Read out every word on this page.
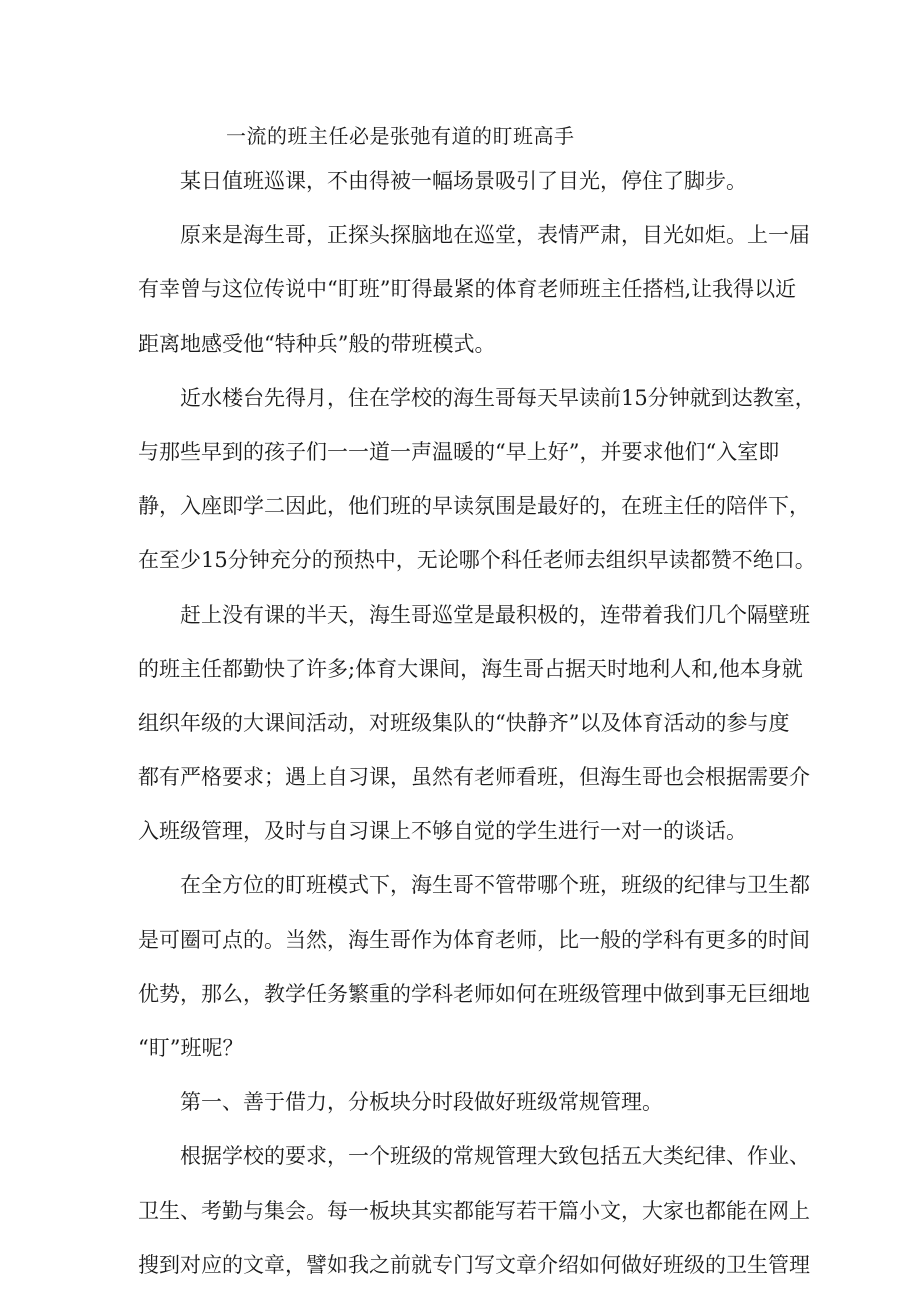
一流的班主任必是张弛有道的盯班高手
某日值班巡课，不由得被一幅场景吸引了目光，停住了脚步。
原来是海生哥，正探头探脑地在巡堂，表情严肃，目光如炬。上一届
有幸曾与这位传说中“盯班”盯得最紧的体育老师班主任搭档,让我得以近
距离地感受他“特种兵”般的带班模式。
近水楼台先得月，住在学校的海生哥每天早读前15分钟就到达教室，
与那些早到的孩子们一一道一声温暖的“早上好”，并要求他们“入室即
静，入座即学二因此，他们班的早读氛围是最好的，在班主任的陪伴下，
在至少15分钟充分的预热中，无论哪个科任老师去组织早读都赞不绝口。
赶上没有课的半天，海生哥巡堂是最积极的，连带着我们几个隔壁班
的班主任都勤快了许多;体育大课间，海生哥占据天时地利人和,他本身就
组织年级的大课间活动，对班级集队的“快静齐”以及体育活动的参与度
都有严格要求；遇上自习课，虽然有老师看班，但海生哥也会根据需要介
入班级管理，及时与自习课上不够自觉的学生进行一对一的谈话。
在全方位的盯班模式下，海生哥不管带哪个班，班级的纪律与卫生都
是可圈可点的。当然，海生哥作为体育老师，比一般的学科有更多的时间
优势，那么，教学任务繁重的学科老师如何在班级管理中做到事无巨细地
“盯”班呢？
第一、善于借力，分板块分时段做好班级常规管理。
根据学校的要求，一个班级的常规管理大致包括五大类纪律、作业、
卫生、考勤与集会。每一板块其实都能写若干篇小文，大家也都能在网上
搜到对应的文章，譬如我之前就专门写文章介绍如何做好班级的卫生管理
